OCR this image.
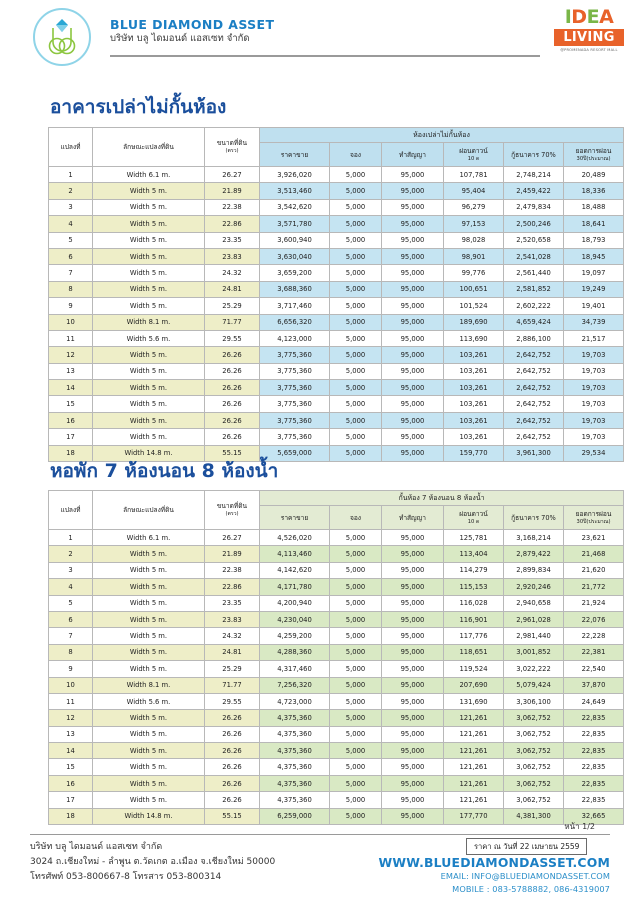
BLUE DIAMOND ASSET
บริษัท บลู ไดมอนด์ แอสเซท จำกัด
IDEA
LIVING
@PROMENADA RESORT MALL
อาคารเปล่าไม่กั้นห้อง
แปลงที่	ลักษณะแปลงที่ดิน	ขนาดที่ดิน
(ตรว)	ห้องเปล่าไม่กั้นห้อง					
			ราคาขาย	จอง	ทำสัญญา	ผ่อนดาวน์
10 ด	กู้ธนาคาร 70%	ยอดการผ่อน
30ปี(ประมาณ)

1	Width 6.1 m.	26.27	3,926,020	5,000	95,000	107,781	2,748,214	20,489
2	Width 5 m.	21.89	3,513,460	5,000	95,000	95,404	2,459,422	18,336
3	Width 5 m.	22.38	3,542,620	5,000	95,000	96,279	2,479,834	18,488
4	Width 5 m.	22.86	3,571,780	5,000	95,000	97,153	2,500,246	18,641
5	Width 5 m.	23.35	3,600,940	5,000	95,000	98,028	2,520,658	18,793
6	Width 5 m.	23.83	3,630,040	5,000	95,000	98,901	2,541,028	18,945
7	Width 5 m.	24.32	3,659,200	5,000	95,000	99,776	2,561,440	19,097
8	Width 5 m.	24.81	3,688,360	5,000	95,000	100,651	2,581,852	19,249
9	Width 5 m.	25.29	3,717,460	5,000	95,000	101,524	2,602,222	19,401
10	Width 8.1 m.	71.77	6,656,320	5,000	95,000	189,690	4,659,424	34,739
11	Width 5.6 m.	29.55	4,123,000	5,000	95,000	113,690	2,886,100	21,517
12	Width 5 m.	26.26	3,775,360	5,000	95,000	103,261	2,642,752	19,703
13	Width 5 m.	26.26	3,775,360	5,000	95,000	103,261	2,642,752	19,703
14	Width 5 m.	26.26	3,775,360	5,000	95,000	103,261	2,642,752	19,703
15	Width 5 m.	26.26	3,775,360	5,000	95,000	103,261	2,642,752	19,703
16	Width 5 m.	26.26	3,775,360	5,000	95,000	103,261	2,642,752	19,703
17	Width 5 m.	26.26	3,775,360	5,000	95,000	103,261	2,642,752	19,703
18	Width 14.8 m.	55.15	5,659,000	5,000	95,000	159,770	3,961,300	29,534
หอพัก 7 ห้องนอน 8 ห้องน้ำ
แปลงที่	ลักษณะแปลงที่ดิน	ขนาดที่ดิน
(ตรว)	กั้นห้อง 7 ห้องนอน 8 ห้องน้ำ					
			ราคาขาย	จอง	ทำสัญญา	ผ่อนดาวน์
10 ด	กู้ธนาคาร 70%	ยอดการผ่อน
30ปี(ประมาณ)

1	Width 6.1 m.	26.27	4,526,020	5,000	95,000	125,781	3,168,214	23,621
2	Width 5 m.	21.89	4,113,460	5,000	95,000	113,404	2,879,422	21,468
3	Width 5 m.	22.38	4,142,620	5,000	95,000	114,279	2,899,834	21,620
4	Width 5 m.	22.86	4,171,780	5,000	95,000	115,153	2,920,246	21,772
5	Width 5 m.	23.35	4,200,940	5,000	95,000	116,028	2,940,658	21,924
6	Width 5 m.	23.83	4,230,040	5,000	95,000	116,901	2,961,028	22,076
7	Width 5 m.	24.32	4,259,200	5,000	95,000	117,776	2,981,440	22,228
8	Width 5 m.	24.81	4,288,360	5,000	95,000	118,651	3,001,852	22,381
9	Width 5 m.	25.29	4,317,460	5,000	95,000	119,524	3,022,222	22,540
10	Width 8.1 m.	71.77	7,256,320	5,000	95,000	207,690	5,079,424	37,870
11	Width 5.6 m.	29.55	4,723,000	5,000	95,000	131,690	3,306,100	24,649
12	Width 5 m.	26.26	4,375,360	5,000	95,000	121,261	3,062,752	22,835
13	Width 5 m.	26.26	4,375,360	5,000	95,000	121,261	3,062,752	22,835
14	Width 5 m.	26.26	4,375,360	5,000	95,000	121,261	3,062,752	22,835
15	Width 5 m.	26.26	4,375,360	5,000	95,000	121,261	3,062,752	22,835
16	Width 5 m.	26.26	4,375,360	5,000	95,000	121,261	3,062,752	22,835
17	Width 5 m.	26.26	4,375,360	5,000	95,000	121,261	3,062,752	22,835
18	Width 14.8 m.	55.15	6,259,000	5,000	95,000	177,770	4,381,300	32,665
หน้า 1/2
บริษัท บลู ไดมอนด์ แอสเซท จำกัด
3024 ถ.เชียงใหม่ - ลำพูน ต.วัดเกต อ.เมือง จ.เชียงใหม่ 50000
โทรศัพท์ 053-800667-8 โทรสาร 053-800314
ราคา ณ วันที่ 22 เมษายน 2559
WWW.BLUEDIAMONDASSET.COM
EMAIL: INFO@BLUEDIAMONDASSET.COM
MOBILE : 083-5788882, 086-4319007
